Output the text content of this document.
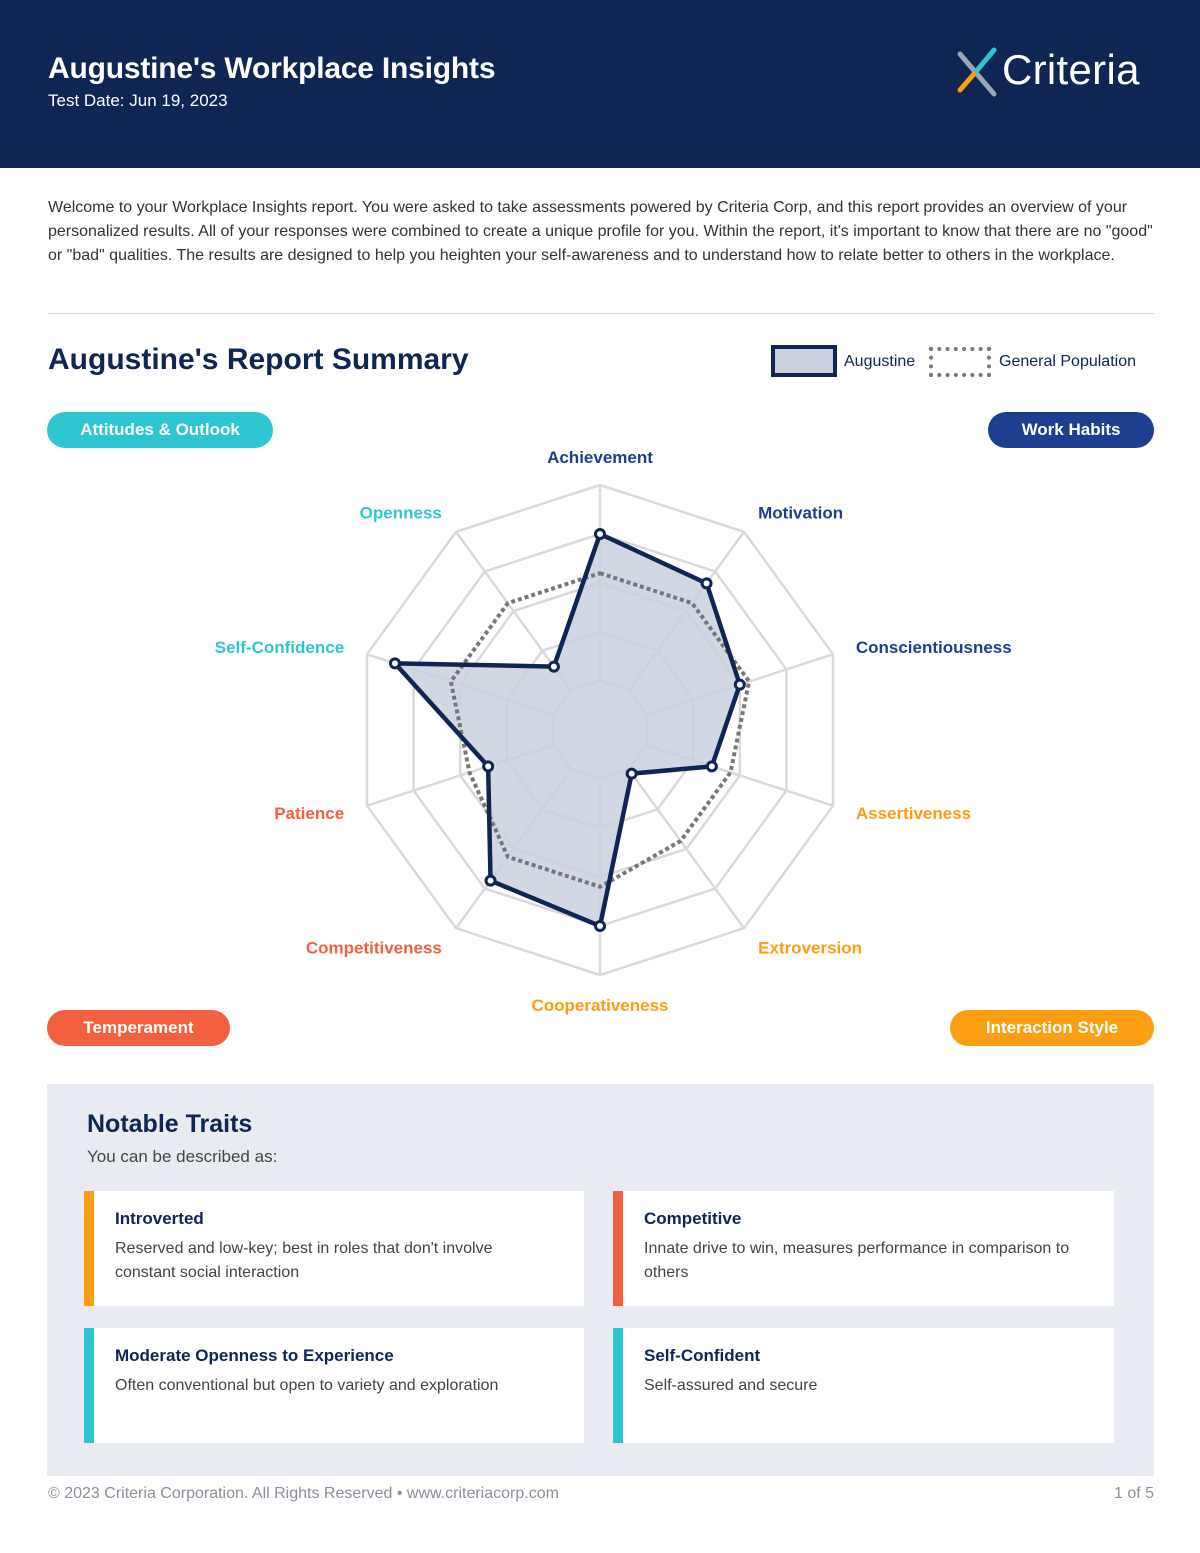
Augustine's Workplace Insights
Test Date: Jun 19, 2023
Criteria
Welcome to your Workplace Insights report. You were asked to take assessments powered by Criteria Corp, and this report provides an overview of your personalized results. All of your responses were combined to create a unique profile for you. Within the report, it's important to know that there are no "good" or "bad" qualities. The results are designed to help you heighten your self-awareness and to understand how to relate better to others in the workplace.
Augustine's Report Summary	Augustine	General Population
Attitudes & Outlook	Work Habits
Achievement
Motivation
Conscientiousness
Assertiveness
Extroversion
Cooperativeness
Competitiveness
Patience
Self-Confidence
Openness
Temperament	Interaction Style
Notable Traits
You can be described as:
Introverted
Reserved and low-key; best in roles that don't involve constant social interaction
Competitive
Innate drive to win, measures performance in comparison to others
Moderate Openness to Experience
Often conventional but open to variety and exploration
Self-Confident
Self-assured and secure
© 2023 Criteria Corporation. All Rights Reserved • www.criteriacorp.com	1 of 5
